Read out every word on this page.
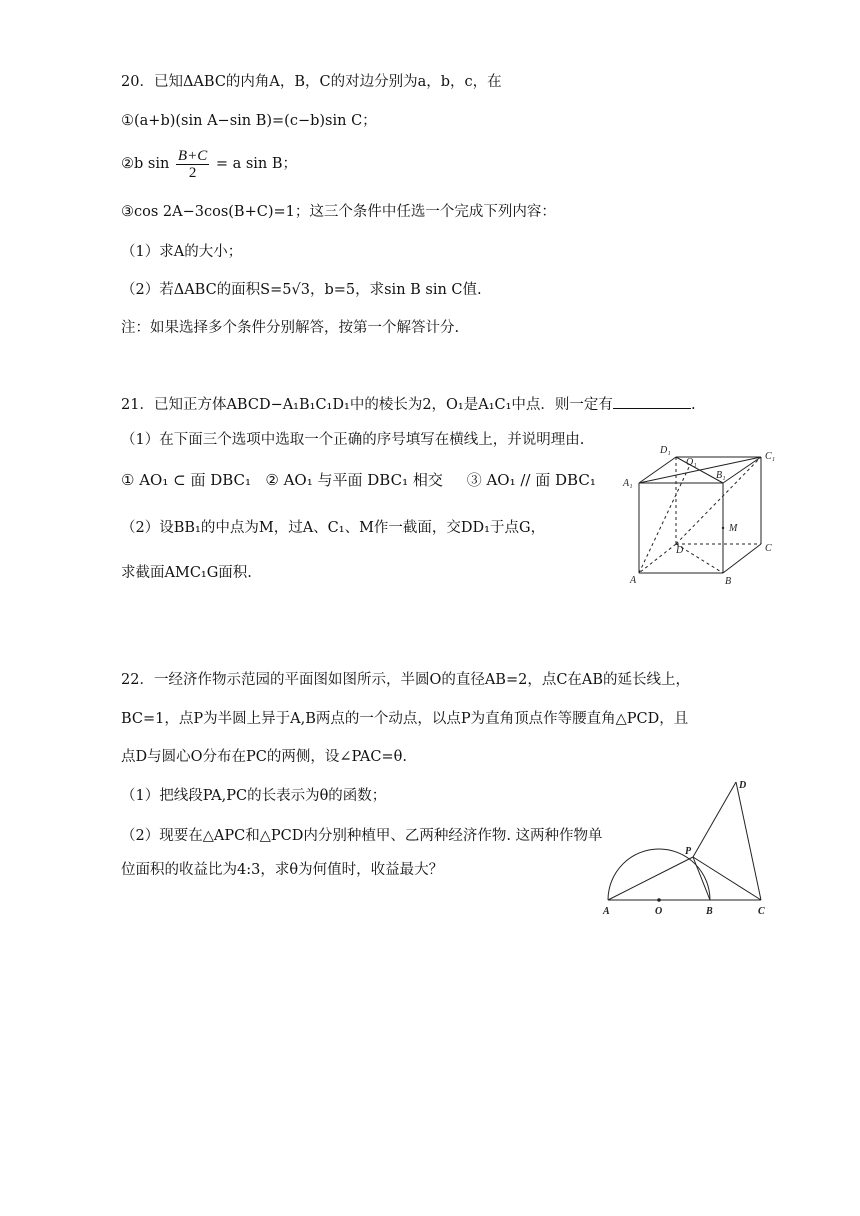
20．已知ΔABC的内角A，B，C的对边分别为a，b，c，在
①(a+b)(sin A−sin B)=(c−b)sin C；
②b $\sin \frac{B+C}{2} = a$ sin B；
③cos 2A−3cos(B+C)=1；这三个条件中任选一个完成下列内容：
（1）求A的大小；
（2）若ΔABC的面积S=5√3，b=5，求sin B sin C值.
注：如果选择多个条件分别解答，按第一个解答计分.
21．已知正方体ABCD−A₁B₁C₁D₁中的棱长为2，O₁是A₁C₁中点．则一定有	.
（1）在下面三个选项中选取一个正确的序号填写在横线上，并说明理由.
① AO₁ ⊂ 面 DBC₁ ② AO₁ 与平面 DBC₁ 相交 ③ AO₁ // 面 DBC₁
（2）设BB₁的中点为M，过A、C₁、M作一截面，交DD₁于点G，
求截面AMC₁G面积.
D₁
O₁
C₁
B₁
A₁
M
D	C
A	B
22．一经济作物示范园的平面图如图所示，半圆O的直径AB=2，点C在AB的延长线上，
BC=1，点P为半圆上异于A,B两点的一个动点，以点P为直角顶点作等腰直角△PCD，且
点D与圆心O分布在PC的两侧，设∠PAC=θ.
（1）把线段PA,PC的长表示为θ的函数；
（2）现要在△APC和△PCD内分别种植甲、乙两种经济作物. 这两种作物单
位面积的收益比为4:3，求θ为何值时，收益最大？
D
P
A	O	B	C
